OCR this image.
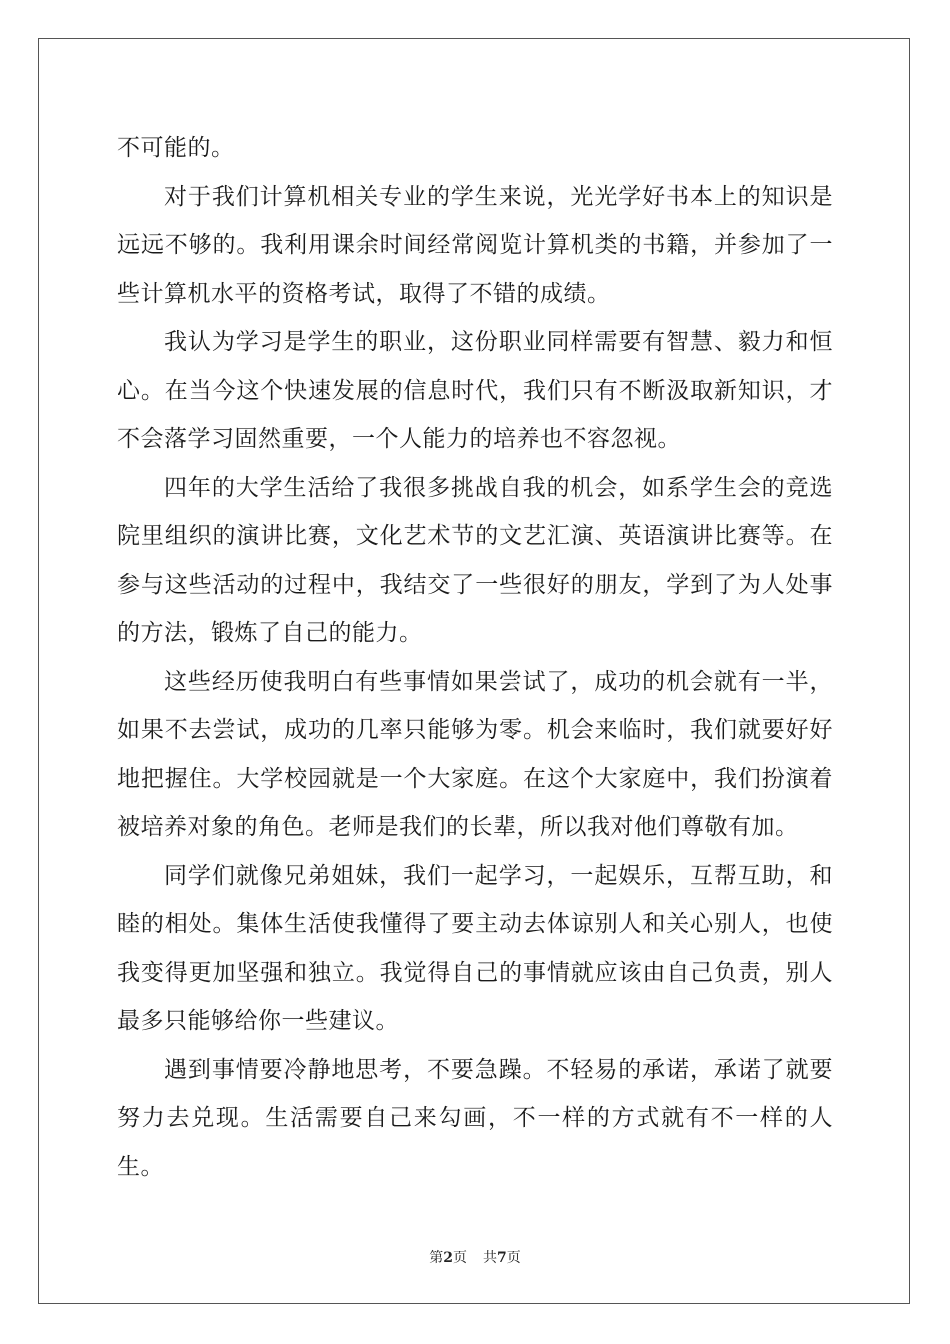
不可能的。

对于我们计算机相关专业的学生来说，光光学好书本上的知识是远远不够的。我利用课余时间经常阅览计算机类的书籍，并参加了一些计算机水平的资格考试，取得了不错的成绩。

我认为学习是学生的职业，这份职业同样需要有智慧、毅力和恒心。在当今这个快速发展的信息时代，我们只有不断汲取新知识，才不会落学习固然重要，一个人能力的培养也不容忽视。

四年的大学生活给了我很多挑战自我的机会，如系学生会的竞选院里组织的演讲比赛，文化艺术节的文艺汇演、英语演讲比赛等。在参与这些活动的过程中，我结交了一些很好的朋友，学到了为人处事的方法，锻炼了自己的能力。

这些经历使我明白有些事情如果尝试了，成功的机会就有一半，如果不去尝试，成功的几率只能够为零。机会来临时，我们就要好好地把握住。大学校园就是一个大家庭。在这个大家庭中，我们扮演着被培养对象的角色。老师是我们的长辈，所以我对他们尊敬有加。

同学们就像兄弟姐妹，我们一起学习，一起娱乐，互帮互助，和睦的相处。集体生活使我懂得了要主动去体谅别人和关心别人，也使我变得更加坚强和独立。我觉得自己的事情就应该由自己负责，别人最多只能够给你一些建议。

遇到事情要冷静地思考，不要急躁。不轻易的承诺，承诺了就要努力去兑现。生活需要自己来勾画，不一样的方式就有不一样的人生。

第2页 共7页
